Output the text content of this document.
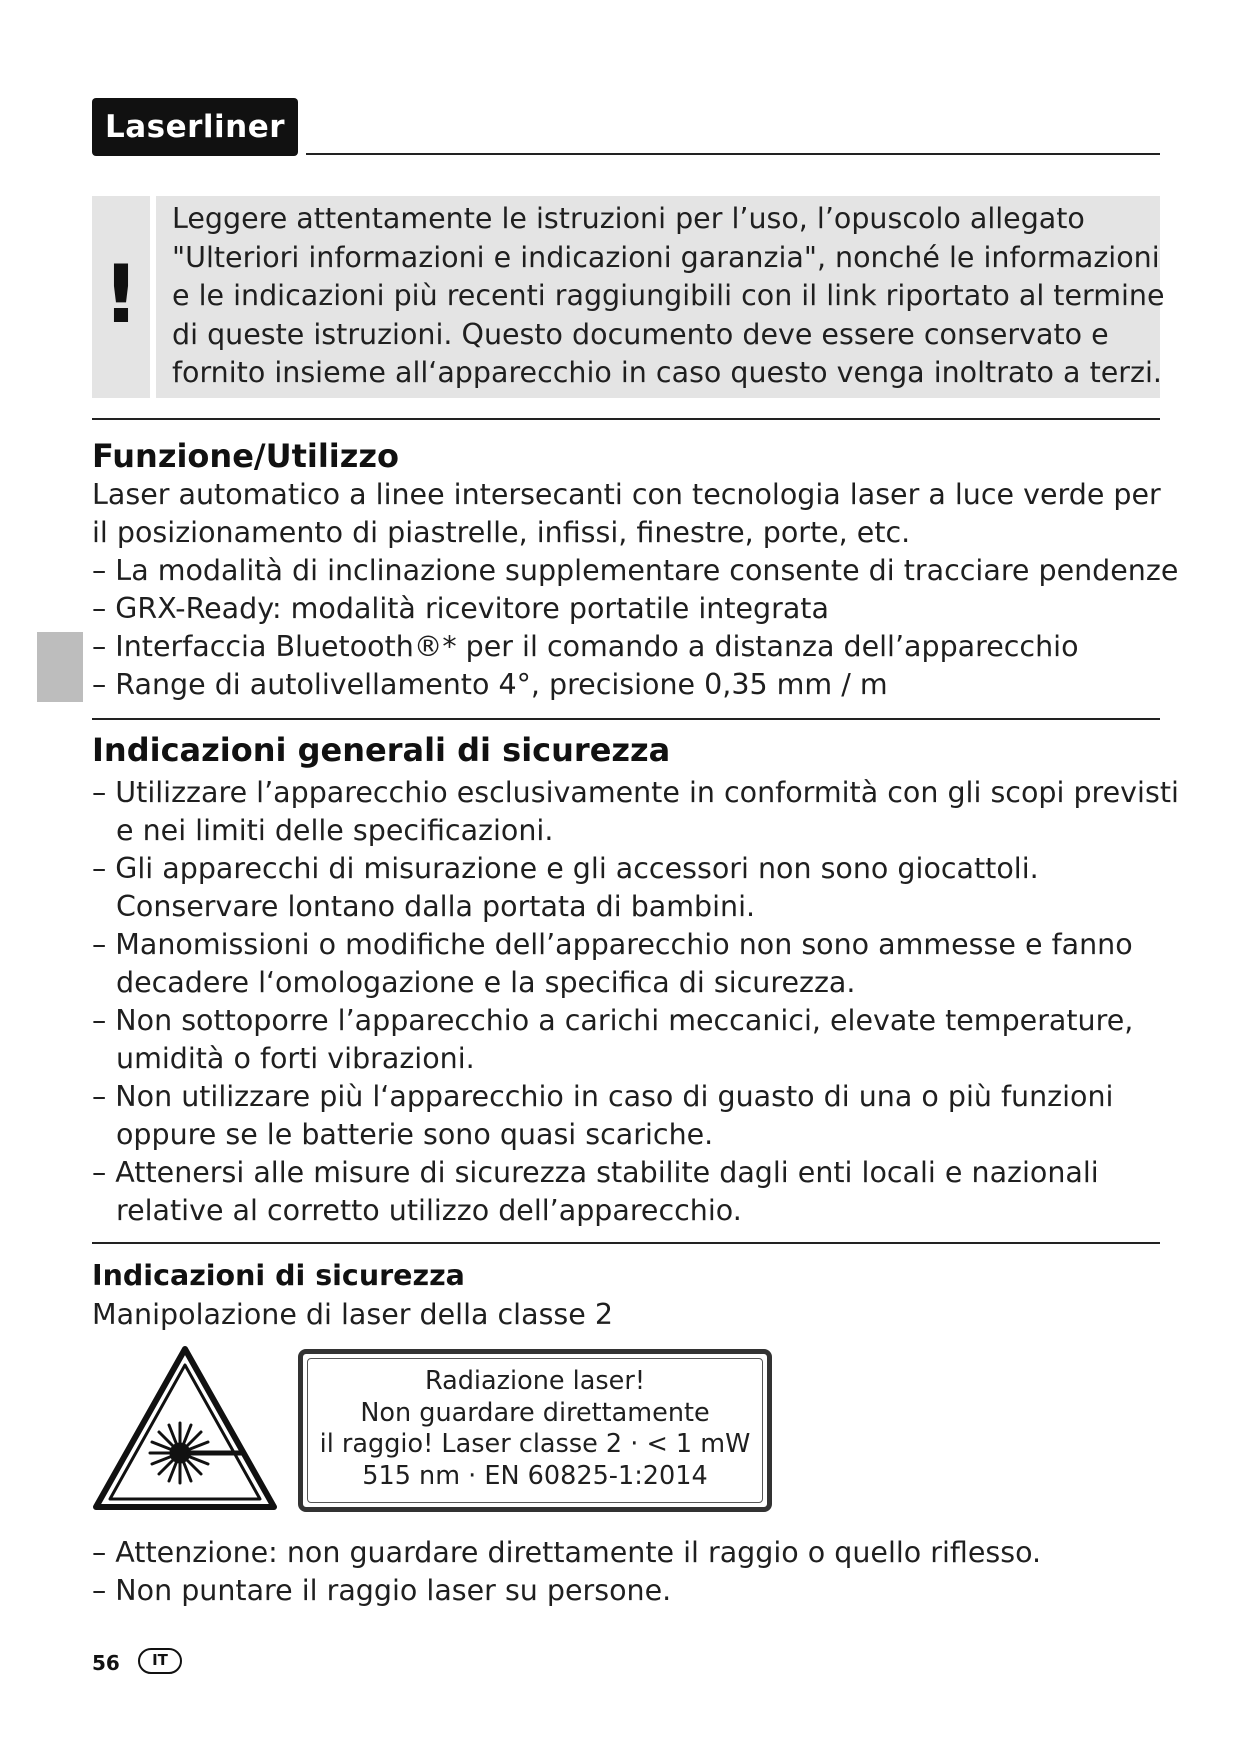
Laserliner
!
Leggere attentamente le istruzioni per l’uso, l’opuscolo allegato
"Ulteriori informazioni e indicazioni garanzia", nonché le informazioni
e le indicazioni più recenti raggiungibili con il link riportato al termine
di queste istruzioni. Questo documento deve essere conservato e
fornito insieme all‘apparecchio in caso questo venga inoltrato a terzi.
Funzione/Utilizzo
Laser automatico a linee intersecanti con tecnologia laser a luce verde per
il posizionamento di piastrelle, infissi, finestre, porte, etc.
– La modalità di inclinazione supplementare consente di tracciare pendenze
– GRX-Ready: modalità ricevitore portatile integrata
– Interfaccia Bluetooth®* per il comando a distanza dell’apparecchio
– Range di autolivellamento 4°, precisione 0,35 mm / m
Indicazioni generali di sicurezza
– Utilizzare l’apparecchio esclusivamente in conformità con gli scopi previsti
e nei limiti delle specificazioni.
– Gli apparecchi di misurazione e gli accessori non sono giocattoli.
Conservare lontano dalla portata di bambini.
– Manomissioni o modifiche dell’apparecchio non sono ammesse e fanno
decadere l‘omologazione e la specifica di sicurezza.
– Non sottoporre l’apparecchio a carichi meccanici, elevate temperature,
umidità o forti vibrazioni.
– Non utilizzare più l‘apparecchio in caso di guasto di una o più funzioni
oppure se le batterie sono quasi scariche.
– Attenersi alle misure di sicurezza stabilite dagli enti locali e nazionali
relative al corretto utilizzo dell’apparecchio.
Indicazioni di sicurezza
Manipolazione di laser della classe 2
Radiazione laser!
Non guardare direttamente
il raggio! Laser classe 2 · < 1 mW
515 nm · EN 60825-1:2014
– Attenzione: non guardare direttamente il raggio o quello riflesso.
– Non puntare il raggio laser su persone.
56	IT
